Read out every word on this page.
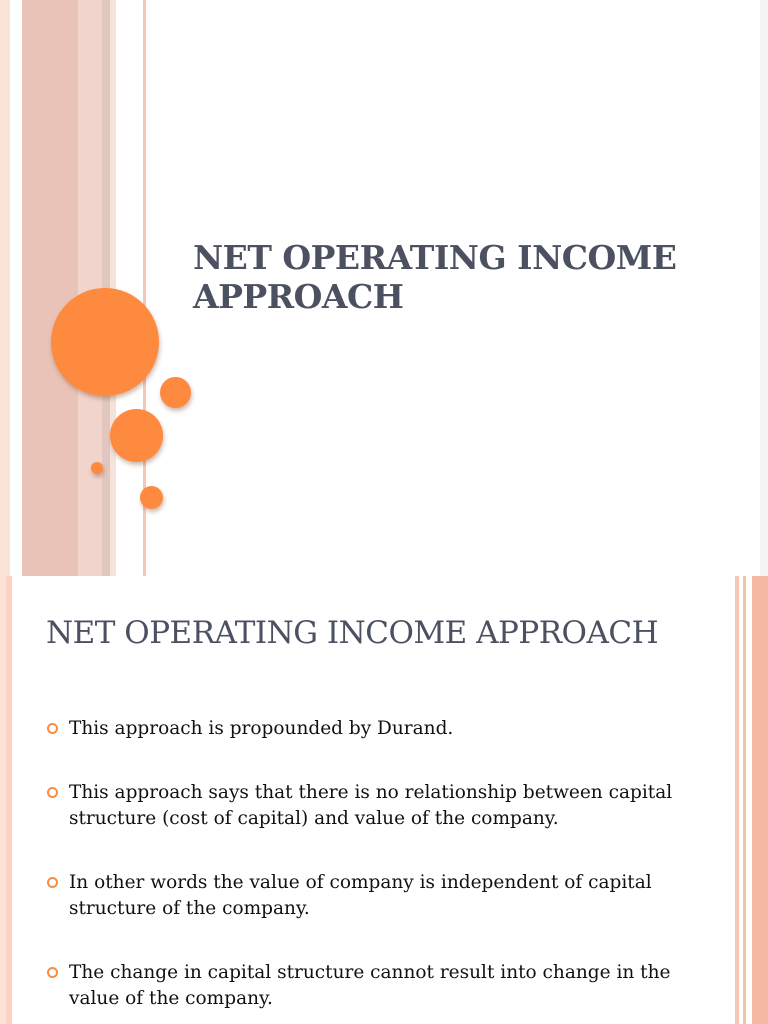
NET OPERATING INCOME APPROACH
NET OPERATING INCOME APPROACH
This approach is propounded by Durand.
This approach says that there is no relationship between capital structure (cost of capital) and value of the company.
In other words the value of company is independent of capital structure of the company.
The change in capital structure cannot result into change in the value of the company.
